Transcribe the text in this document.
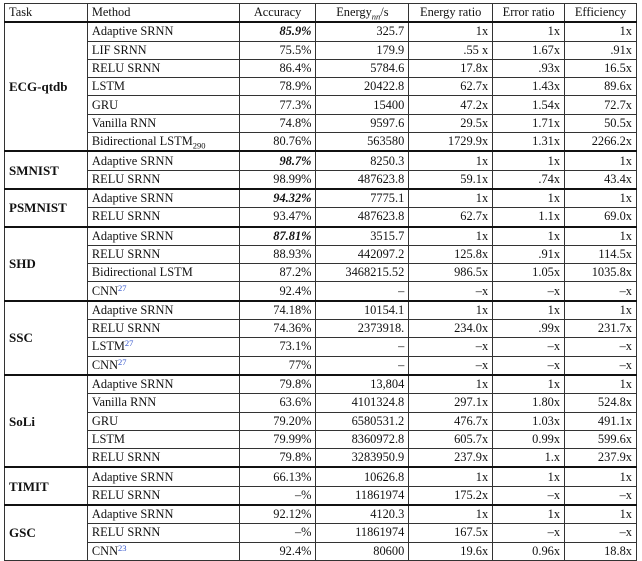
Task	Method	Accuracy	Energy$_{nn}$/s	Energy ratio	Error ratio	Efficiency
ECG-qtdb	Adaptive SRNN	85.9%	325.7	1x	1x	1x
	LIF SRNN	75.5%	179.9	.55 x	1.67x	.91x
	RELU SRNN	86.4%	5784.6	17.8x	.93x	16.5x
	LSTM	78.9%	20422.8	62.7x	1.43x	89.6x
	GRU	77.3%	15400	47.2x	1.54x	72.7x
	Vanilla RNN	74.8%	9597.6	29.5x	1.71x	50.5x
	Bidirectional $LSTM_{290}$	80.76%	563580	1729.9x	1.31x	2266.2x
SMNIST	Adaptive SRNN	98.7%	8250.3	1x	1x	1x
	RELU SRNN	98.99%	487623.8	59.1x	.74x	43.4x
PSMNIST	Adaptive SRNN	94.32%	7775.1	1x	1x	1x
	RELU SRNN	93.47%	487623.8	62.7x	1.1x	69.0x
SHD	Adaptive SRNN	87.81%	3515.7	1x	1x	1x
	RELU SRNN	88.93%	442097.2	125.8x	.91x	114.5x
	Bidirectional LSTM	87.2%	3468215.52	986.5x	1.05x	1035.8x
	CNN$^{27}$	92.4%	–	–x	–x	–x
SSC	Adaptive SRNN	74.18%	10154.1	1x	1x	1x
	RELU SRNN	74.36%	2373918.	234.0x	.99x	231.7x
	LSTM$^{27}$	73.1%	–	–x	–x	–x
	CNN$^{27}$	77%	–	–x	–x	–x
SoLi	Adaptive SRNN	79.8%	13,804	1x	1x	1x
	Vanilla RNN	63.6%	4101324.8	297.1x	1.80x	524.8x
	GRU	79.20%	6580531.2	476.7x	1.03x	491.1x
	LSTM	79.99%	8360972.8	605.7x	0.99x	599.6x
	RELU SRNN	79.8%	3283950.9	237.9x	1.x	237.9x
TIMIT	Adaptive SRNN	66.13%	10626.8	1x	1x	1x
	RELU SRNN	–%	11861974	175.2x	–x	–x
GSC	Adaptive SRNN	92.12%	4120.3	1x	1x	1x
	RELU SRNN	–%	11861974	167.5x	–x	–x
	CNN$^{23}$	92.4%	80600	19.6x	0.96x	18.8x
